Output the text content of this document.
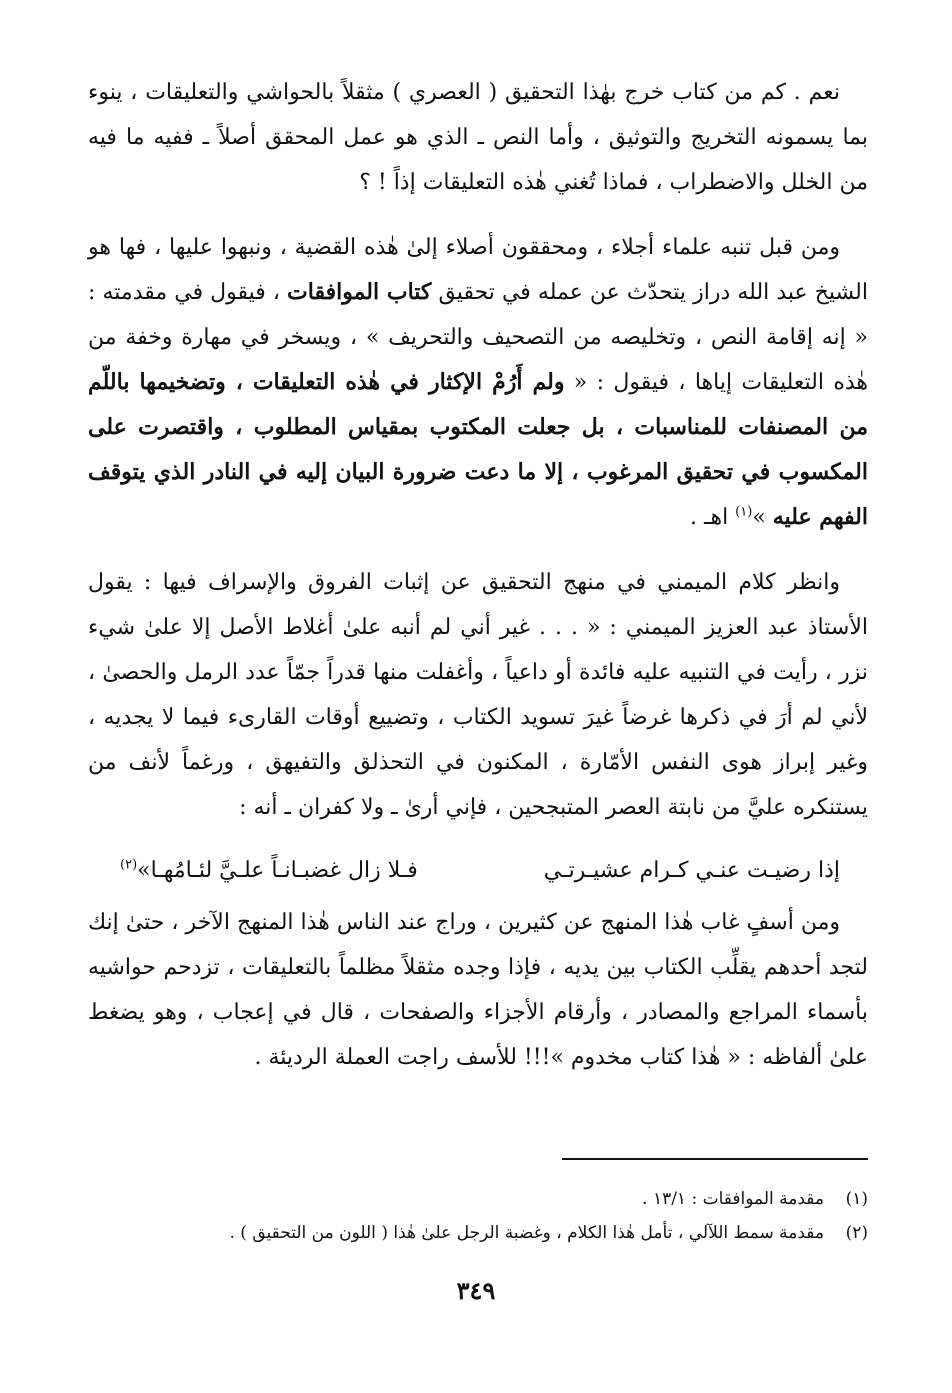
نعم . كم من كتاب خرج بهٰذا التحقيق ( العصري ) مثقلاً بالحواشي والتعليقات ، ينوء بما يسمونه التخريج والتوثيق ، وأما النص ـ الذي هو عمل المحقق أصلاً ـ ففيه ما فيه من الخلل والاضطراب ، فماذا تُغني هٰذه التعليقات إذاً ! ؟

ومن قبل تنبه علماء أجلاء ، ومحققون أصلاء إلىٰ هٰذه القضية ، ونبهوا عليها ، فها هو الشيخ عبد الله دراز يتحدّث عن عمله في تحقيق كتاب الموافقات ، فيقول في مقدمته : « إنه إقامة النص ، وتخليصه من التصحيف والتحريف » ، ويسخر في مهارة وخفة من هٰذه التعليقات إياها ، فيقول : « ولم أَرُمْ الإكثار في هٰذه التعليقات ، وتضخيمها باللّم من المصنفات للمناسبات ، بل جعلت المكتوب بمقياس المطلوب ، واقتصرت على المكسوب في تحقيق المرغوب ، إلا ما دعت ضرورة البيان إليه في النادر الذي يتوقف الفهم عليه »$^{(١)}$ اهـ .

وانظر كلام الميمني في منهج التحقيق عن إثبات الفروق والإسراف فيها : يقول الأستاذ عبد العزيز الميمني : « . . . غير أني لم أنبه علىٰ أغلاط الأصل إلا علىٰ شيء نزر ، رأيت في التنبيه عليه فائدة أو داعياً ، وأغفلت منها قدراً جمّاً عدد الرمل والحصىٰ ، لأني لم أرَ في ذكرها غرضاً غيرَ تسويد الكتاب ، وتضييع أوقات القارىء فيما لا يجديه ، وغير إبراز هوى النفس الأمّارة ، المكنون في التحذلق والتفيهق ، ورغماً لأنف من يستنكره عليَّ من نابتة العصر المتبجحين ، فإني أرىٰ ـ ولا كفران ـ أنه :

إذا رضيـت عنـي كـرام عشيـرتـي
فـلا زال غضبـانـاً علـيَّ لئـامُهـا»$^{(٢)}$

ومن أسفٍ غاب هٰذا المنهج عن كثيرين ، وراج عند الناس هٰذا المنهج الآخر ، حتىٰ إنك لتجد أحدهم يقلِّب الكتاب بين يديه ، فإذا وجده مثقلاً مظلماً بالتعليقات ، تزدحم حواشيه بأسماء المراجع والمصادر ، وأرقام الأجزاء والصفحات ، قال في إعجاب ، وهو يضغط علىٰ ألفاظه : « هٰذا كتاب مخدوم »!!! للأسف راجت العملة الرديئة .

(١)مقدمة الموافقات : ١٣/١ .
(٢)مقدمة سمط اللآلي ، تأمل هٰذا الكلام ، وغضبة الرجل علىٰ هٰذا ( اللون من التحقيق ) .
٣٤٩
